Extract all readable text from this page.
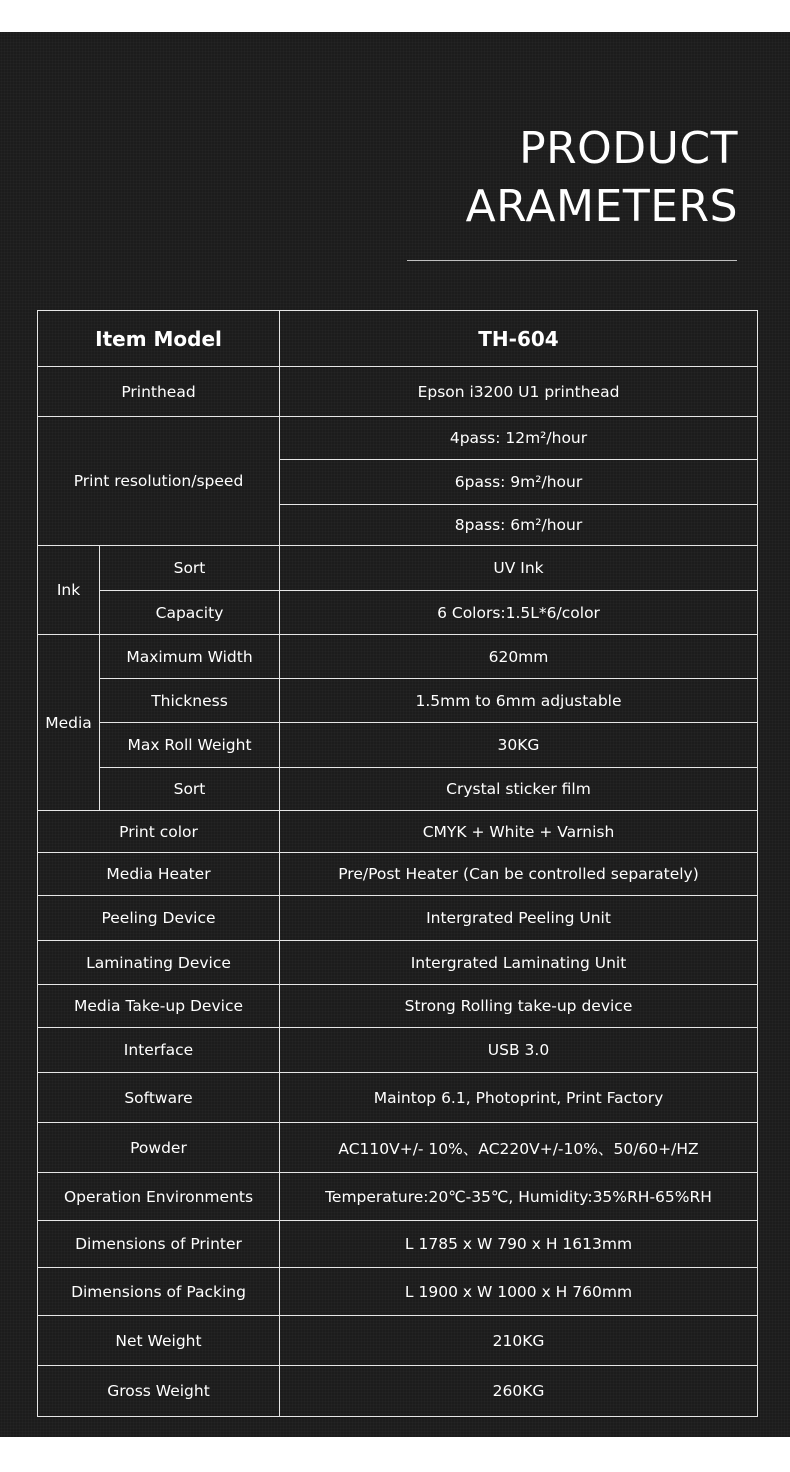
PRODUCT
ARAMETERS
Item Model		TH-604
Printhead		Epson i3200 U1 printhead
Print resolution/speed		4pass: 12m²/hour
		6pass: 9m²/hour
		8pass: 6m²/hour
Ink	Sort	UV Ink
	Capacity	6 Colors:1.5L*6/color
Media	Maximum Width	620mm
	Thickness	1.5mm to 6mm adjustable
	Max Roll Weight	30KG
	Sort	Crystal sticker film
Print color		CMYK + White + Varnish
Media Heater		Pre/Post Heater (Can be controlled separately)
Peeling Device		Intergrated Peeling Unit
Laminating Device		Intergrated Laminating Unit
Media Take-up Device		Strong Rolling take-up device
Interface		USB 3.0
Software		Maintop 6.1, Photoprint, Print Factory
Powder		AC110V+/- 10%、AC220V+/-10%、50/60+/HZ
Operation Environments		Temperature:20℃-35℃, Humidity:35%RH-65%RH
Dimensions of Printer		L 1785 x W 790 x H 1613mm
Dimensions of Packing		L 1900 x W 1000 x H 760mm
Net Weight		210KG
Gross Weight		260KG
